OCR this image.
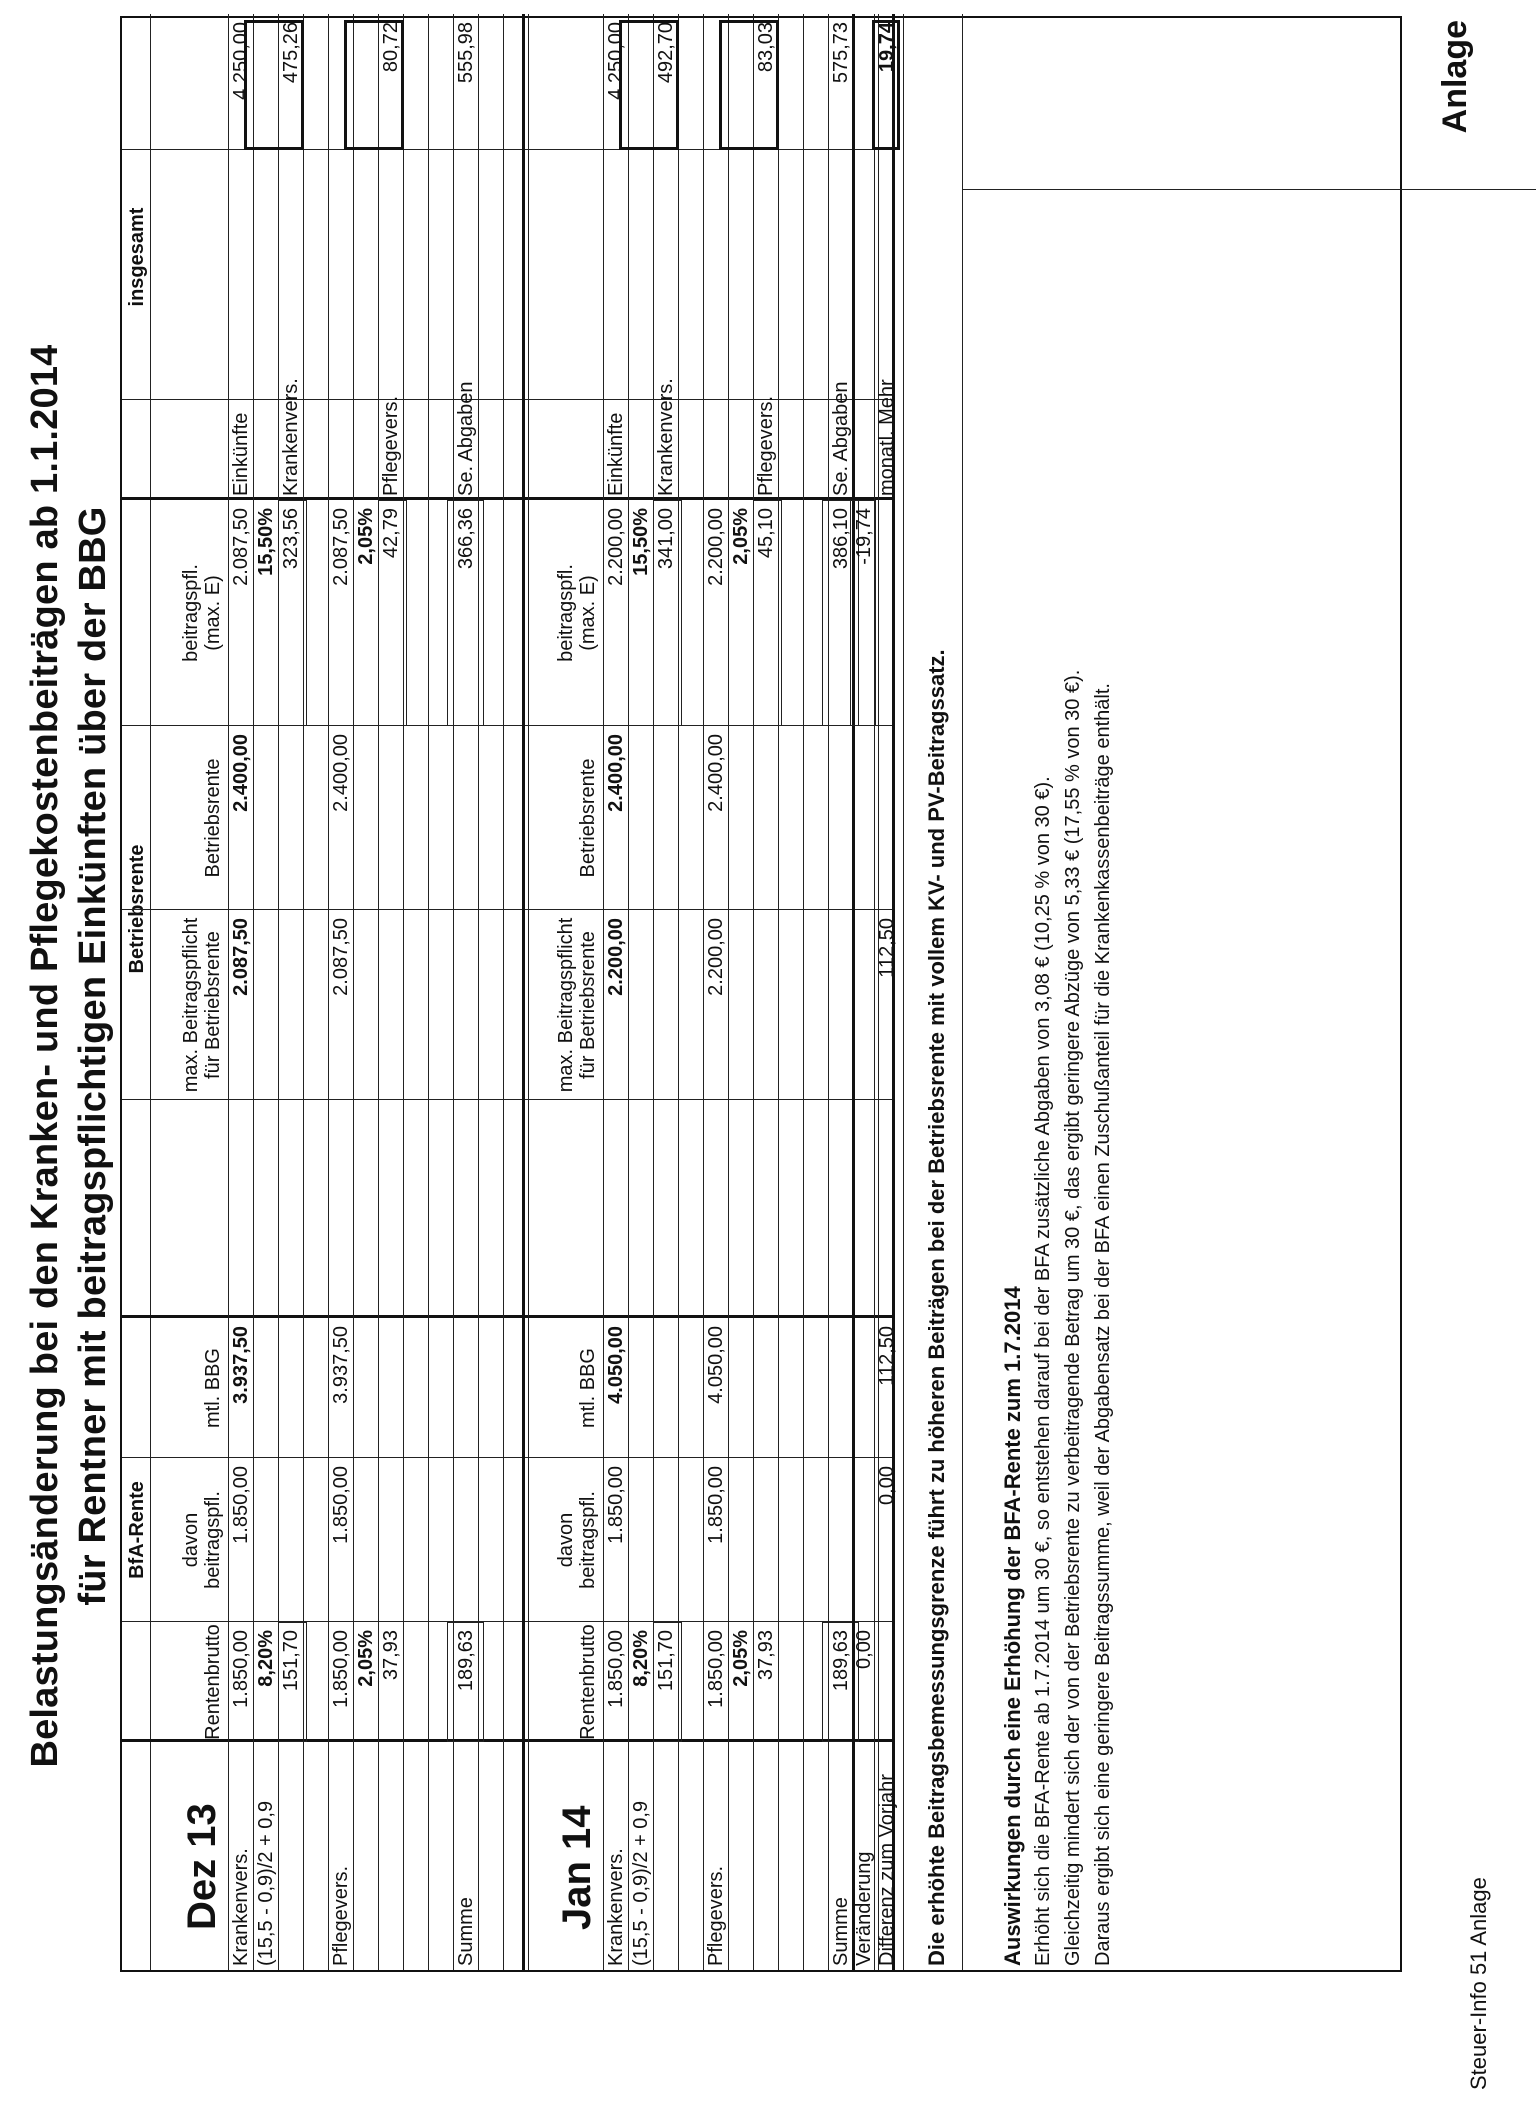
Belastungsänderung bei den Kranken- und Pflegekostenbeiträgen ab 1.1.2014 für Rentner mit beitragspflichtigen Einkünften über der BBG
Anlage
Steuer-Info 51 Anlage
BfA-Rente
Betriebsrente
insgesamt
Dez 13
Rentenbrutto
davon beitragspfl.
mtl. BBG
max. Beitragspflicht für Betriebsrente
Betriebsrente
beitragspfl. (max. E)
Krankenvers. (15,5 - 0,9)/2 + 0,9
1.850,00
1.850,00
3.937,50
2.087,50
2.400,00
2.087,50
8,20%
15,50%
151,70
323,56
Pflegevers.
1.850,00
1.850,00
3.937,50
2.087,50
2.400,00
2.087,50
2,05%
2,05%
37,93
42,79
Summe
189,63
366,36
Einkünfte
4.250,00
Krankenvers.
475,26
Pflegevers.
80,72
Se. Abgaben
555,98
Jan 14
Rentenbrutto
davon beitragspfl.
mtl. BBG
max. Beitragspflicht für Betriebsrente
Betriebsrente
beitragspfl. (max. E)
Krankenvers. (15,5 - 0,9)/2 + 0,9
1.850,00
1.850,00
4.050,00
2.200,00
2.400,00
2.200,00
8,20%
15,50%
151,70
341,00
Pflegevers.
1.850,00
1.850,00
4.050,00
2.200,00
2.400,00
2.200,00
2,05%
2,05%
37,93
45,10
Summe
189,63
386,10
Einkünfte
4.250,00
Krankenvers.
492,70
Pflegevers.
83,03
Se. Abgaben
575,73
Veränderung
0,00
-19,74
Differenz zum Vorjahr
0,00
112,50
112,50
monatl. Mehr
19,74
Die erhöhte Beitragsbemessungsgrenze führt zu höheren Beiträgen bei der Betriebsrente mit vollem KV- und PV-Beitragssatz. Auswirkungen durch eine Erhöhung der BFA-Rente zum 1.7.2014 Erhöht sich die BFA-Rente ab 1.7.2014 um 30 €, so entstehen darauf bei der BFA zusätzliche Abgaben von 3,08 € (10,25 % von 30 €). Gleichzeitig mindert sich der von der Betriebsrente zu verbeitragende Betrag um 30 €, das ergibt geringere Abzüge von 5,33 € (17,55 % von 30 €). Daraus ergibt sich eine geringere Beitragssumme, weil der Abgabensatz bei der BFA einen Zuschußanteil für die Krankenkassenbeiträge enthält.
